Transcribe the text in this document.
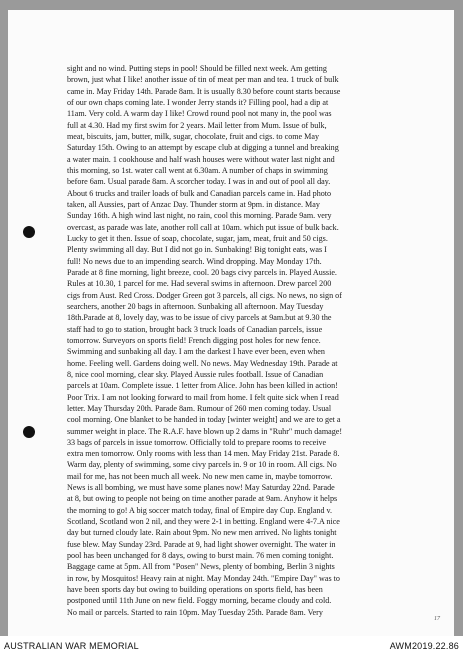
17

sight and no wind. Putting steps in pool! Should be filled next week. Am getting
brown, just what I like! another issue of tin of meat per man and tea. 1 truck of bulk
came in. May Friday 14th. Parade 8am. It is usually 8.30 before count starts because
of our own chaps coming late. I wonder Jerry stands it? Filling pool, had a dip at
11am. Very cold. A warm day I like! Crowd round pool not many in, the pool was
full at 4.30. Had my first swim for 2 years. Mail letter from Mum. Issue of bulk,
meat, biscuits, jam, butter, milk, sugar, chocolate, fruit and cigs. to come May
Saturday 15th. Owing to an attempt by escape club at digging a tunnel and breaking
a water main. 1 cookhouse and half wash houses were without water last night and
this morning, so 1st. water call went at 6.30am. A number of chaps in swimming
before 6am. Usual parade 8am. A scorcher today. I was in and out of pool all day.
About 6 trucks and trailer loads of bulk and Canadian parcels came in. Had photo
taken, all Aussies, part of Anzac Day. Thunder storm at 9pm. in distance. May
Sunday 16th. A high wind last night, no rain, cool this morning. Parade 9am. very
overcast, as parade was late, another roll call at 10am. which put issue of bulk back.
Lucky to get it then. Issue of soap, chocolate, sugar, jam, meat, fruit and 50 cigs.
Plenty swimming all day. But I did not go in. Sunbaking! Big tonight eats, was I
full! No news due to an impending search. Wind dropping. May Monday 17th.
Parade at 8 fine morning, light breeze, cool. 20 bags civy parcels in. Played Aussie.
Rules at 10.30, 1 parcel for me. Had several swims in afternoon. Drew parcel 200
cigs from Aust. Red Cross. Dodger Green got 3 parcels, all cigs. No news, no sign of
searchers, another 20 bags in afternoon. Sunbaking all afternoon. May Tuesday
18th.Parade at 8, lovely day, was to be issue of civy parcels at 9am.but at 9.30 the
staff had to go to station, brought back 3 truck loads of Canadian parcels, issue
tomorrow. Surveyors on sports field! French digging post holes for new fence.
Swimming and sunbaking all day. I am the darkest I have ever been, even when
home. Feeling well. Gardens doing well. No news. May Wednesday 19th. Parade at
8, nice cool morning, clear sky. Played Aussie rules football. Issue of Canadian
parcels at 10am. Complete issue. 1 letter from Alice. John has been killed in action!
Poor Trix. I am not looking forward to mail from home. I felt quite sick when I read
letter. May Thursday 20th. Parade 8am. Rumour of 260 men coming today. Usual
cool morning. One blanket to be handed in today [winter weight] and we are to get a
summer weight in place. The R.A.F. have blown up 2 dams in "Ruhr" much damage!
33 bags of parcels in issue tomorrow. Officially told to prepare rooms to receive
extra men tomorrow. Only rooms with less than 14 men. May Friday 21st. Parade 8.
Warm day, plenty of swimming, some civy parcels in. 9 or 10 in room. All cigs. No
mail for me, has not been much all week. No new men came in, maybe tomorrow.
News is all bombing, we must have some planes now! May Saturday 22nd. Parade
at 8, but owing to people not being on time another parade at 9am. Anyhow it helps
the morning to go! A big soccer match today, final of Empire day Cup. England v.
Scotland, Scotland won 2 nil, and they were 2-1 in betting. England were 4-7.A nice
day but turned cloudy late. Rain about 9pm. No new men arrived. No lights tonight
fuse blew. May Sunday 23rd. Parade at 9, had light shower overnight. The water in
pool has been unchanged for 8 days, owing to burst main. 76 men coming tonight.
Baggage came at 5pm. All from "Posen" News, plenty of bombing, Berlin 3 nights
in row, by Mosquitos! Heavy rain at night. May Monday 24th. "Empire Day" was to
have been sports day but owing to building operations on sports field, has been
postponed until 11th June on new field. Foggy morning, became cloudy and cold.
No mail or parcels. Started to rain 10pm. May Tuesday 25th. Parade 8am. Very

AUSTRALIAN WAR MEMORIAL	AWM2019.22.86
